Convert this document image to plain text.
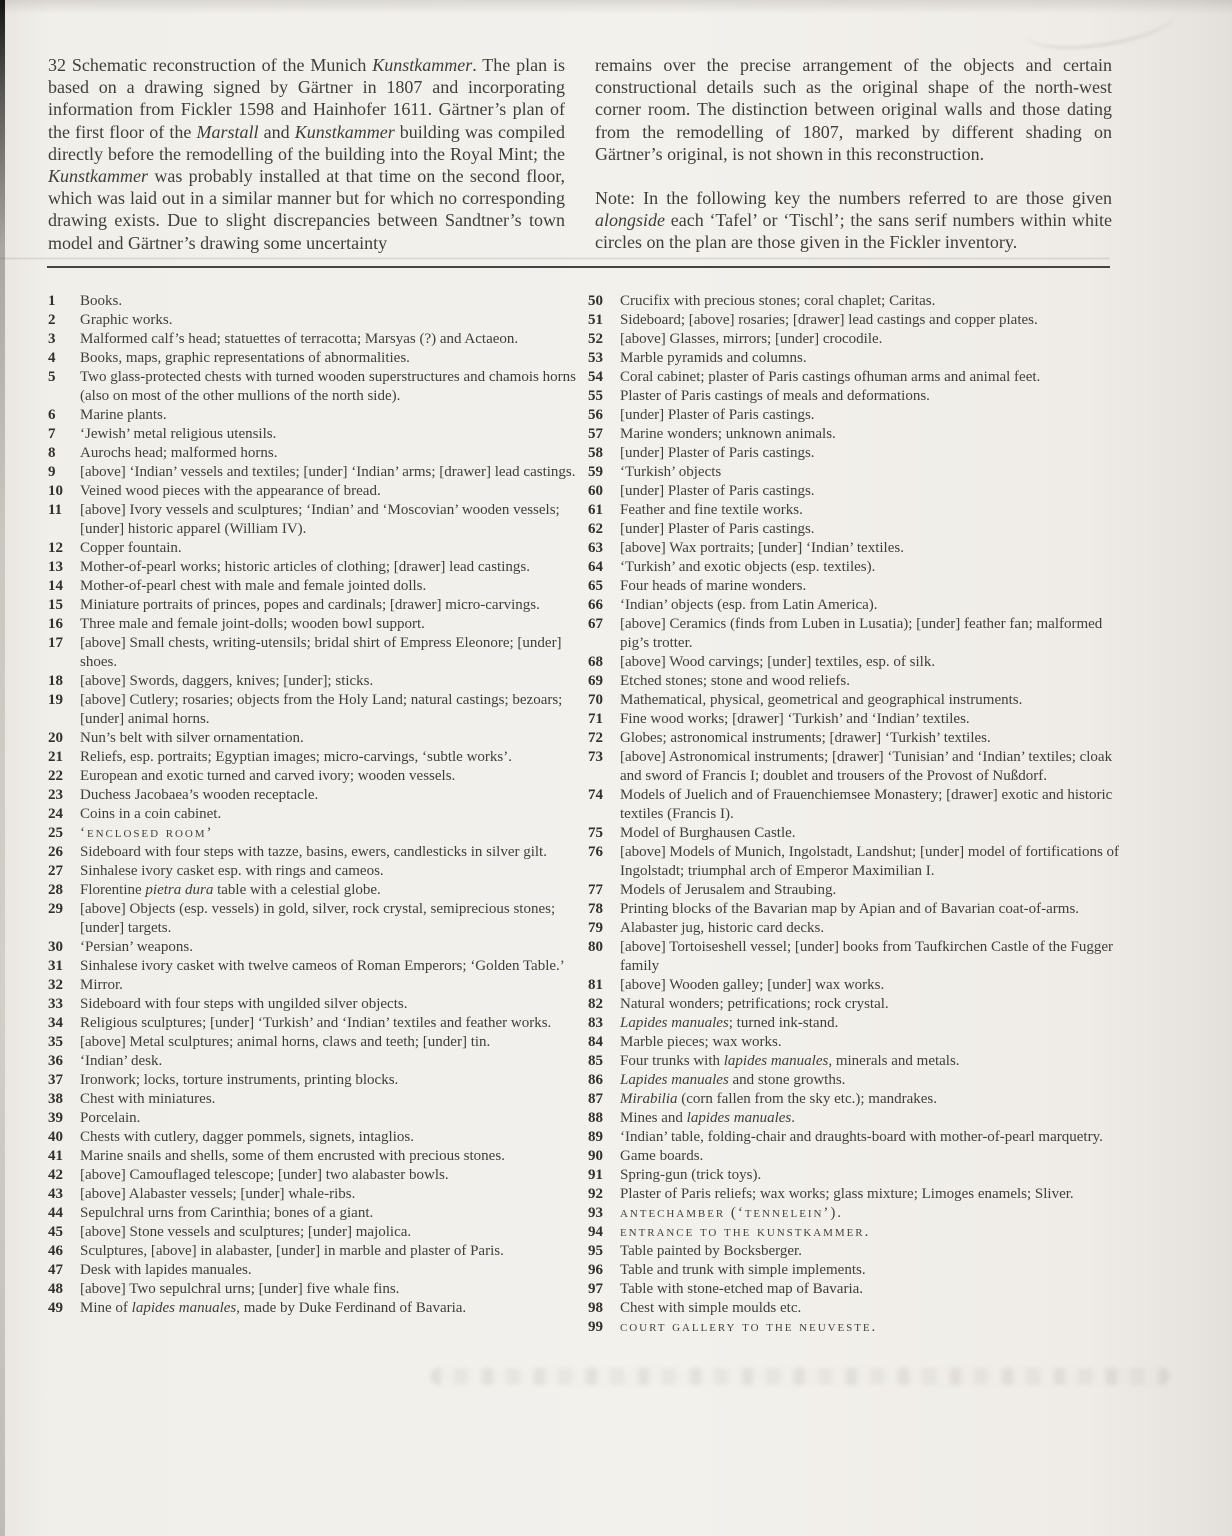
32 Schematic reconstruction of the Munich Kunstkammer. The plan is based on a drawing signed by Gärtner in 1807 and incorporating information from Fickler 1598 and Hainhofer 1611. Gärtner’s plan of the first floor of the Marstall and Kunstkammer building was compiled directly before the remodelling of the building into the Royal Mint; the Kunstkammer was probably installed at that time on the second floor, which was laid out in a similar manner but for which no corresponding drawing exists. Due to slight discrepancies between Sandtner’s town model and Gärtner’s drawing some uncertainty

remains over the precise arrangement of the objects and certain constructional details such as the original shape of the north-west corner room. The distinction between original walls and those dating from the remodelling of 1807, marked by different shading on Gärtner’s original, is not shown in this reconstruction.

Note: In the following key the numbers referred to are those given alongside each ‘Tafel’ or ‘Tischl’; the sans serif numbers within white circles on the plan are those given in the Fickler inventory.

1	Books.
2	Graphic works.
3	Malformed calf’s head; statuettes of terracotta; Marsyas (?) and Actaeon.
4	Books, maps, graphic representations of abnormalities.
5	Two glass-protected chests with turned wooden superstructures and chamois horns (also on most of the other mullions of the north side).
6	Marine plants.
7	‘Jewish’ metal religious utensils.
8	Aurochs head; malformed horns.
9	[above] ‘Indian’ vessels and textiles; [under] ‘Indian’ arms; [drawer] lead castings.
10	Veined wood pieces with the appearance of bread.
11	[above] Ivory vessels and sculptures; ‘Indian’ and ‘Moscovian’ wooden vessels; [under] historic apparel (William IV).
12	Copper fountain.
13	Mother-of-pearl works; historic articles of clothing; [drawer] lead castings.
14	Mother-of-pearl chest with male and female jointed dolls.
15	Miniature portraits of princes, popes and cardinals; [drawer] micro-carvings.
16	Three male and female joint-dolls; wooden bowl support.
17	[above] Small chests, writing-utensils; bridal shirt of Empress Eleonore; [under] shoes.
18	[above] Swords, daggers, knives; [under]; sticks.
19	[above] Cutlery; rosaries; objects from the Holy Land; natural castings; bezoars; [under] animal horns.
20	Nun’s belt with silver ornamentation.
21	Reliefs, esp. portraits; Egyptian images; micro-carvings, ‘subtle works’.
22	European and exotic turned and carved ivory; wooden vessels.
23	Duchess Jacobaea’s wooden receptacle.
24	Coins in a coin cabinet.
25	‘enclosed room’
26	Sideboard with four steps with tazze, basins, ewers, candlesticks in silver gilt.
27	Sinhalese ivory casket esp. with rings and cameos.
28	Florentine pietra dura table with a celestial globe.
29	[above] Objects (esp. vessels) in gold, silver, rock crystal, semiprecious stones; [under] targets.
30	‘Persian’ weapons.
31	Sinhalese ivory casket with twelve cameos of Roman Emperors; ‘Golden Table.’
32	Mirror.
33	Sideboard with four steps with ungilded silver objects.
34	Religious sculptures; [under] ‘Turkish’ and ‘Indian’ textiles and feather works.
35	[above] Metal sculptures; animal horns, claws and teeth; [under] tin.
36	‘Indian’ desk.
37	Ironwork; locks, torture instruments, printing blocks.
38	Chest with miniatures.
39	Porcelain.
40	Chests with cutlery, dagger pommels, signets, intaglios.
41	Marine snails and shells, some of them encrusted with precious stones.
42	[above] Camouflaged telescope; [under] two alabaster bowls.
43	[above] Alabaster vessels; [under] whale-ribs.
44	Sepulchral urns from Carinthia; bones of a giant.
45	[above] Stone vessels and sculptures; [under] majolica.
46	Sculptures, [above] in alabaster, [under] in marble and plaster of Paris.
47	Desk with lapides manuales.
48	[above] Two sepulchral urns; [under] five whale fins.
49	Mine of lapides manuales, made by Duke Ferdinand of Bavaria.
50	Crucifix with precious stones; coral chaplet; Caritas.
51	Sideboard; [above] rosaries; [drawer] lead castings and copper plates.
52	[above] Glasses, mirrors; [under] crocodile.
53	Marble pyramids and columns.
54	Coral cabinet; plaster of Paris castings ofhuman arms and animal feet.
55	Plaster of Paris castings of meals and deformations.
56	[under] Plaster of Paris castings.
57	Marine wonders; unknown animals.
58	[under] Plaster of Paris castings.
59	‘Turkish’ objects
60	[under] Plaster of Paris castings.
61	Feather and fine textile works.
62	[under] Plaster of Paris castings.
63	[above] Wax portraits; [under] ‘Indian’ textiles.
64	‘Turkish’ and exotic objects (esp. textiles).
65	Four heads of marine wonders.
66	‘Indian’ objects (esp. from Latin America).
67	[above] Ceramics (finds from Luben in Lusatia); [under] feather fan; malformed pig’s trotter.
68	[above] Wood carvings; [under] textiles, esp. of silk.
69	Etched stones; stone and wood reliefs.
70	Mathematical, physical, geometrical and geographical instruments.
71	Fine wood works; [drawer] ‘Turkish’ and ‘Indian’ textiles.
72	Globes; astronomical instruments; [drawer] ‘Turkish’ textiles.
73	[above] Astronomical instruments; [drawer] ‘Tunisian’ and ‘Indian’ textiles; cloak and sword of Francis I; doublet and trousers of the Provost of Nußdorf.
74	Models of Juelich and of Frauenchiemsee Monastery; [drawer] exotic and historic textiles (Francis I).
75	Model of Burghausen Castle.
76	[above] Models of Munich, Ingolstadt, Landshut; [under] model of fortifications of Ingolstadt; triumphal arch of Emperor Maximilian I.
77	Models of Jerusalem and Straubing.
78	Printing blocks of the Bavarian map by Apian and of Bavarian coat-of-arms.
79	Alabaster jug, historic card decks.
80	[above] Tortoiseshell vessel; [under] books from Taufkirchen Castle of the Fugger family
81	[above] Wooden galley; [under] wax works.
82	Natural wonders; petrifications; rock crystal.
83	Lapides manuales; turned ink-stand.
84	Marble pieces; wax works.
85	Four trunks with lapides manuales, minerals and metals.
86	Lapides manuales and stone growths.
87	Mirabilia (corn fallen from the sky etc.); mandrakes.
88	Mines and lapides manuales.
89	‘Indian’ table, folding-chair and draughts-board with mother-of-pearl marquetry.
90	Game boards.
91	Spring-gun (trick toys).
92	Plaster of Paris reliefs; wax works; glass mixture; Limoges enamels; Sliver.
93	antechamber (‘tennelein’).
94	entrance to the kunstkammer.
95	Table painted by Bocksberger.
96	Table and trunk with simple implements.
97	Table with stone-etched map of Bavaria.
98	Chest with simple moulds etc.
99	court gallery to the neuveste.
